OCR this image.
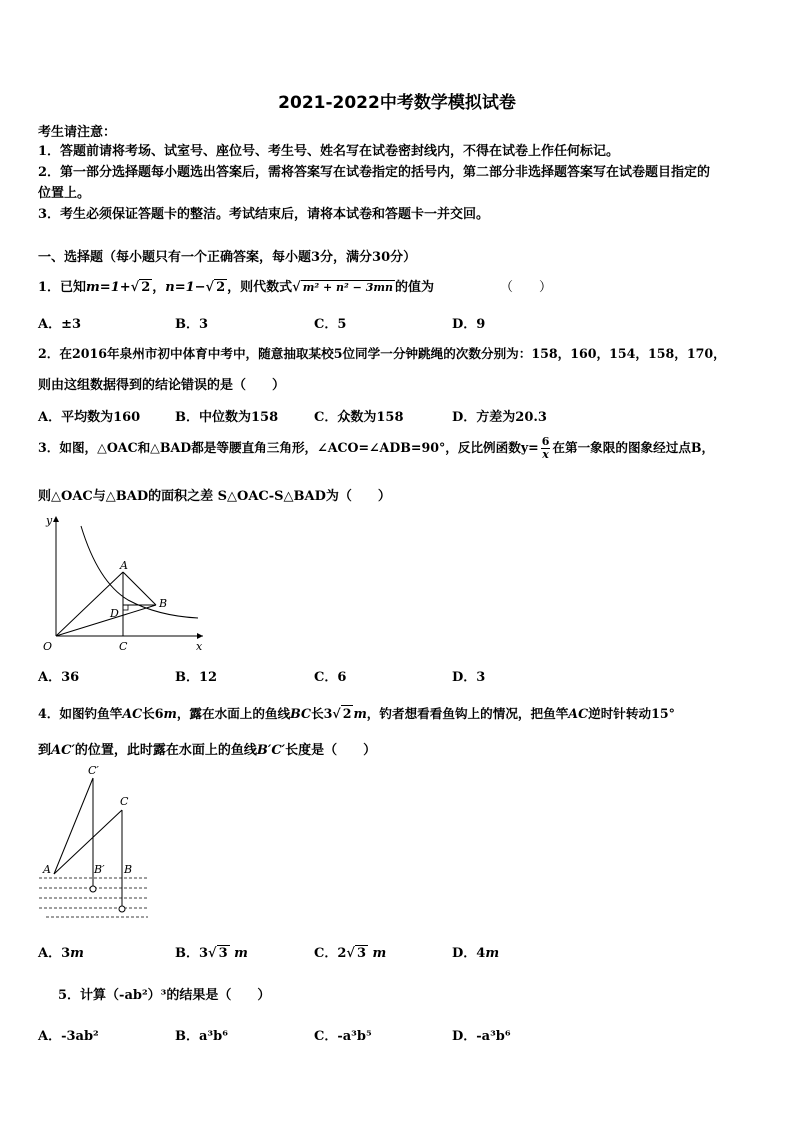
2021-2022中考数学模拟试卷
考生请注意：
1．答题前请将考场、试室号、座位号、考生号、姓名写在试卷密封线内，不得在试卷上作任何标记。
2．第一部分选择题每小题选出答案后，需将答案写在试卷指定的括号内，第二部分非选择题答案写在试卷题目指定的
位置上。
3．考生必须保证答题卡的整洁。考试结束后，请将本试卷和答题卡一并交回。
一、选择题（每小题只有一个正确答案，每小题3分，满分30分）
1．已知m=1+√ 2 ，n=1−√ 2 ，则代数式√ m² + n² − 3mn 的值为	（　　）
A．±3	B．3	C．5	D．9
2．在2016年泉州市初中体育中考中，随意抽取某校5位同学一分钟跳绳的次数分别为：158，160，154，158，170，
则由这组数据得到的结论错误的是（　　）
A．平均数为160	B．中位数为158	C．众数为158	D．方差为20.3
3．如图，△OAC和△BAD都是等腰直角三角形，∠ACO=∠ADB=90°，反比例函数$y= \frac{6}{x}$ 在第一象限的图象经过点B，
则△OAC与△BAD的面积之差 S△OAC-S△BAD为（　　）
y
x
O
A
B
C
D
A．36	B．12	C．6	D．3
4．如图钓鱼竿AC长6m，露在水面上的鱼线BC长3√ 2 m，钓者想看看鱼钩上的情况，把鱼竿AC逆时针转动15°
到AC′的位置，此时露在水面上的鱼线B′C′长度是（　　）
C′
C
A	B′ B
A．3m	B．3√ 3 m	C．2√ 3 m	D．4m
5．计算（-ab²）³的结果是（　　）
A．-3ab²	B．a³b⁶	C．-a³b⁵	D．-a³b⁶
